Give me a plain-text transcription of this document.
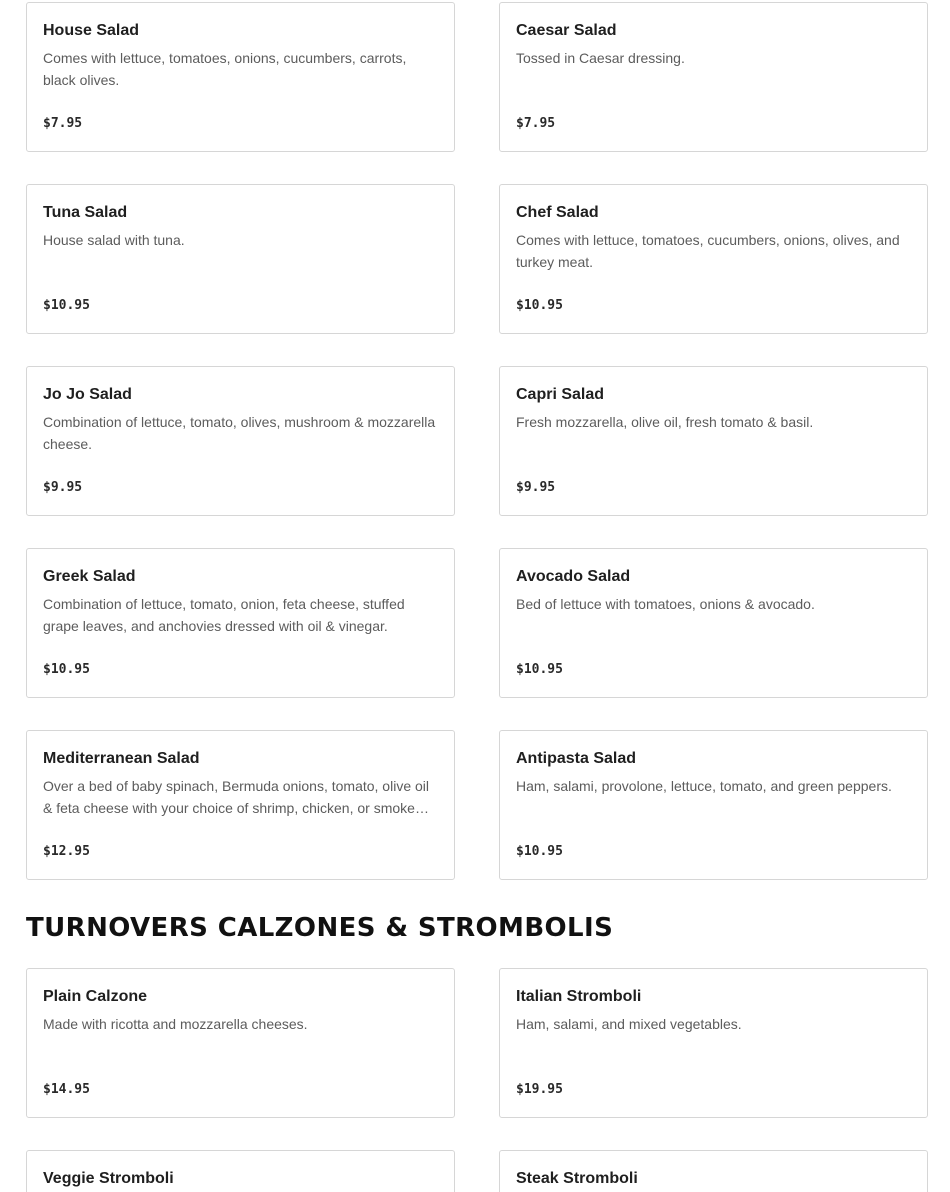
House Salad
Comes with lettuce, tomatoes, onions, cucumbers, carrots, black olives.
$7.95
Caesar Salad
Tossed in Caesar dressing.
$7.95
Tuna Salad
House salad with tuna.
$10.95
Chef Salad
Comes with lettuce, tomatoes, cucumbers, onions, olives, and turkey meat.
$10.95
Jo Jo Salad
Combination of lettuce, tomato, olives, mushroom & mozzarella cheese.
$9.95
Capri Salad
Fresh mozzarella, olive oil, fresh tomato & basil.
$9.95
Greek Salad
Combination of lettuce, tomato, onion, feta cheese, stuffed grape leaves, and anchovies dressed with oil & vinegar.
$10.95
Avocado Salad
Bed of lettuce with tomatoes, onions & avocado.
$10.95
Mediterranean Salad
Over a bed of baby spinach, Bermuda onions, tomato, olive oil & feta cheese with your choice of shrimp, chicken, or smoke…
$12.95
Antipasta Salad
Ham, salami, provolone, lettuce, tomato, and green peppers.
$10.95
TURNOVERS CALZONES & STROMBOLIS
Plain Calzone
Made with ricotta and mozzarella cheeses.
$14.95
Italian Stromboli
Ham, salami, and mixed vegetables.
$19.95
Veggie Stromboli	Steak Stromboli
